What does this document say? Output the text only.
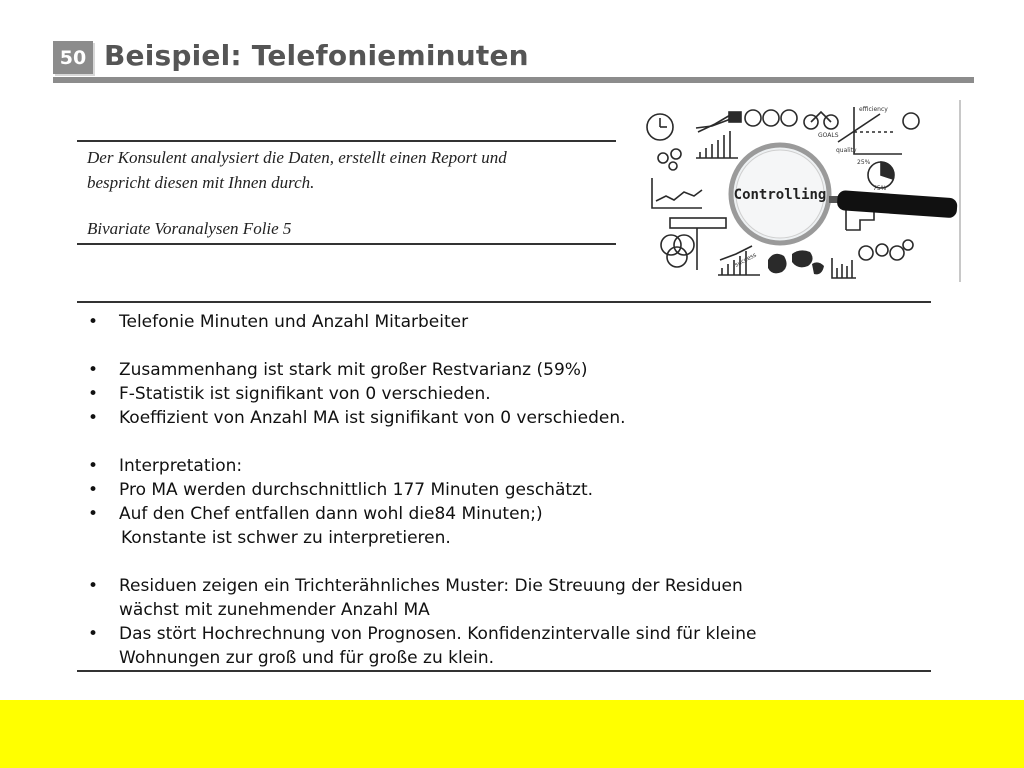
50 Beispiel: Telefonieminuten
Der Konsulent analysiert die Daten, erstellt einen Report und
bespricht diesen mit Ihnen durch.
Bivariate Voranalysen Folie 5
Controlling
efficiency
GOALS
quality
success
25%
75%
• Telefonie Minuten und Anzahl Mitarbeiter
• Zusammenhang ist stark mit großer Restvarianz (59%)
• F-Statistik ist signifikant von 0 verschieden.
• Koeffizient von Anzahl MA ist signifikant von 0 verschieden.
• Interpretation:
• Pro MA werden durchschnittlich 177 Minuten geschätzt.
• Auf den Chef entfallen dann wohl die84 Minuten;)
Konstante ist schwer zu interpretieren.
• Residuen zeigen ein Trichterähnliches Muster: Die Streuung der Residuen
wächst mit zunehmender Anzahl MA
• Das stört Hochrechnung von Prognosen. Konfidenzintervalle sind für kleine
Wohnungen zur groß und für große zu klein.
